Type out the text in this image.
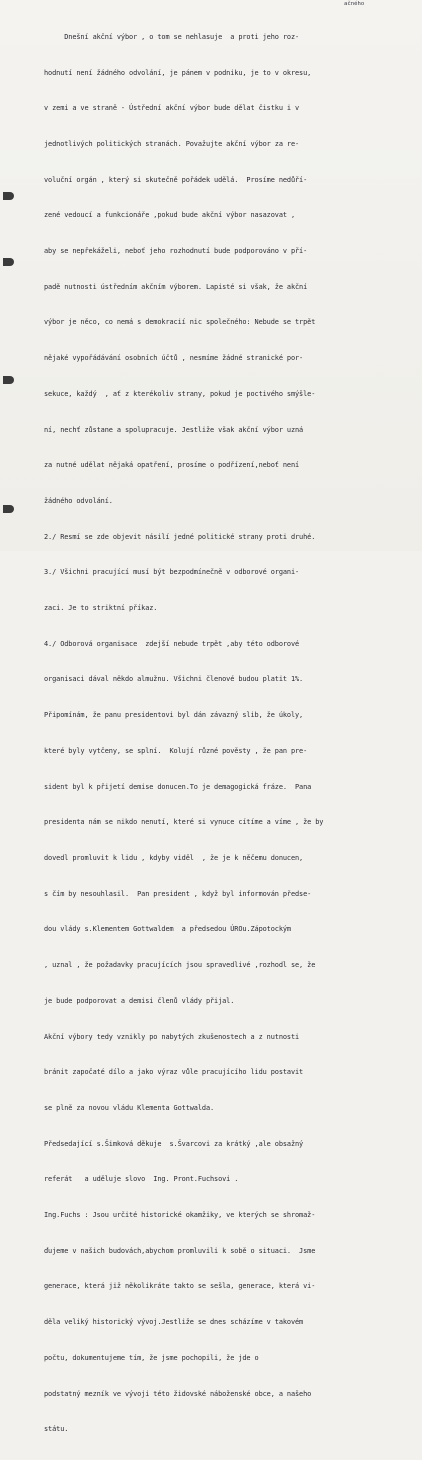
ačného

Dnešní akční výbor , o tom se nehlasuje  a proti jeho roz-

hodnutí není žádného odvolání, je pánem v podniku, je to v okresu,

v zemi a ve straně - Ústřední akční výbor bude dělat čistku i v

jednotlivých politických stranách. Považujte akční výbor za re-

voluční orgán , který si skutečně pořádek udělá.  Prosíme nedůří-

zené vedoucí a funkcionáře ,pokud bude akční výbor nasazovat ,

aby se nepřekáželi, neboť jeho rozhodnutí bude podporováno v pří-

padě nutnosti ústředním akčním výborem. Lapisté si však, že akční

výbor je něco, co nemá s demokracií nic společného: Nebude se trpět

nějaké vypořádávání osobních účtů , nesmíme žádné stranické por-

sekuce, každý  , ať z kterékoliv strany, pokud je poctivého smýšle-

ní, nechť zůstane a spolupracuje. Jestliže však akční výbor uzná

za nutné udělat nějaká opatření, prosíme o podřízení,neboť není

žádného odvolání.

2./ Resmí se zde objevit násilí jedné politické strany proti druhé.

3./ Všichni pracující musí být bezpodmínečně v odborové organi-

zaci. Je to striktní příkaz.

4./ Odborová organisace  zdejší nebude trpět ,aby této odborové

organisaci dával někdo almužnu. Všichni členové budou platit 1%.

Připomínám, že panu presidentovi byl dán závazný slib, že úkoly,

které byly vytčeny, se splní.  Kolují různé pověsty , že pan pre-

sident byl k přijetí demise donucen.To je demagogická fráze.  Pana

presidenta nám se nikdo nenutí, které si vynuce cítíme a víme , že by

dovedl promluvit k lidu , kdyby viděl  , že je k něčemu donucen,

s čím by nesouhlasil.  Pan president , když byl informován předse-

dou vlády s.Klementem Gottwaldem  a předsedou ÚROu.Zápotockým

, uznal , že požadavky pracujících jsou spravedlivé ,rozhodl se, že

je bude podporovat a demisi členů vlády přijal.

Akční výbory tedy vznikly po nabytých zkušenostech a z nutnosti

bránit započaté dílo a jako výraz vůle pracujícího lidu postavit

se plně za novou vládu Klementa Gottwalda.

Předsedající s.Šimková děkuje  s.Švarcovi za krátký ,ale obsažný

referát   a uděluje slovo  Ing. Pront.Fuchsovi .

Ing.Fuchs : Jsou určité historické okamžiky, ve kterých se shromaž-

ďujeme v našich budovách,abychom promluvili k sobě o situaci.  Jsme

generace, která již několikráte takto se sešla, generace, která vi-

děla veliký historický vývoj.Jestliže se dnes scházíme v takovém

počtu, dokumentujeme tím, že jsme pochopili, že jde o

podstatný mezník ve vývoji této židovské náboženské obce, a našeho

státu.
